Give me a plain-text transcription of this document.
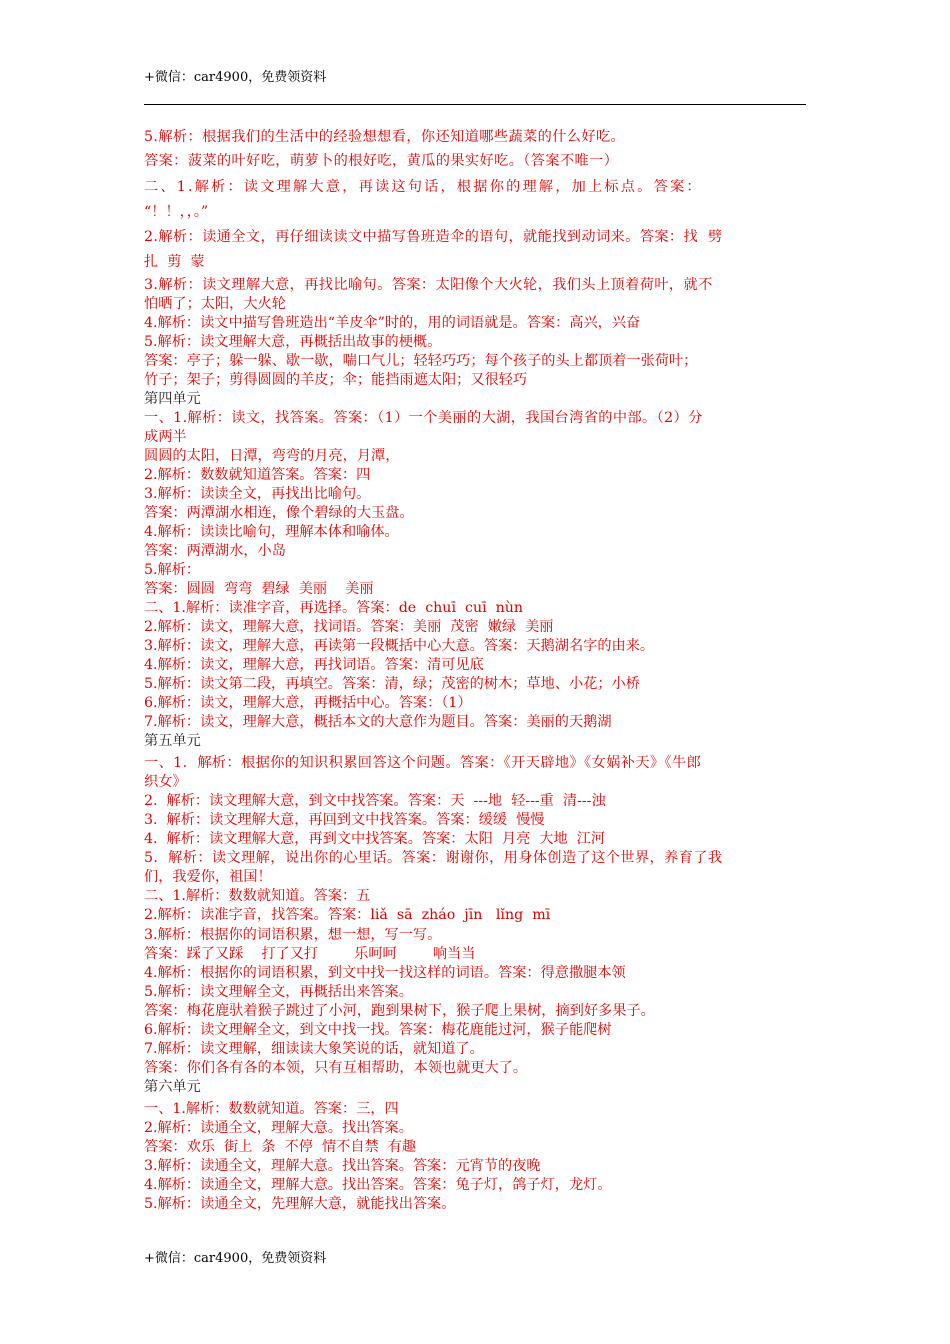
+微信：car4900，免费领资料
5.解析：根据我们的生活中的经验想想看，你还知道哪些蔬菜的什么好吃。
答案：菠菜的叶好吃，萌萝卜的根好吃，黄瓜的果实好吃。（答案不唯一）
二、1.解析：读文理解大意，再读这句话，根据你的理解，加上标点。答案：
“！！，，。”
2.解析：读通全文，再仔细读读文中描写鲁班造伞的语句，就能找到动词来。答案：找  劈
扎  剪  蒙
3.解析：读文理解大意，再找比喻句。答案：太阳像个大火轮，我们头上顶着荷叶，就不
怕晒了；太阳，大火轮
4.解析：读文中描写鲁班造出“羊皮伞”时的，用的词语就是。答案：高兴，兴奋
5.解析：读文理解大意，再概括出故事的梗概。
答案：亭子；躲一躲、歇一歇，喘口气儿；轻轻巧巧；每个孩子的头上都顶着一张荷叶；
竹子；架子；剪得圆圆的羊皮；伞；能挡雨遮太阳；又很轻巧
第四单元
一、1.解析：读文，找答案。答案：（1）一个美丽的大湖，我国台湾省的中部。（2）分
成两半
圆圆的太阳，日潭，弯弯的月亮，月潭，
2.解析：数数就知道答案。答案：四
3.解析：读读全文，再找出比喻句。
答案：两潭湖水相连，像个碧绿的大玉盘。
4.解析：读读比喻句，理解本体和喻体。
答案：两潭湖水，小岛
5.解析：
答案：圆圆  弯弯  碧绿  美丽    美丽
二、1.解析：读准字音，再选择。答案：de  chuī  cuī  nùn
2.解析：读文，理解大意，找词语。答案：美丽  茂密  嫩绿  美丽
3.解析：读文，理解大意，再读第一段概括中心大意。答案：天鹅湖名字的由来。
4.解析：读文，理解大意，再找词语。答案：清可见底
5.解析：读文第二段，再填空。答案：清，绿；茂密的树木；草地、小花；小桥
6.解析：读文，理解大意，再概括中心。答案：（1）
7.解析：读文，理解大意，概括本文的大意作为题目。答案：美丽的天鹅湖
第五单元
一、1.  解析：根据你的知识积累回答这个问题。答案：《开天辟地》《女娲补天》《牛郎
织女》
2.  解析：读文理解大意，到文中找答案。答案：天  ---地  轻---重  清---浊
3.  解析：读文理解大意，再回到文中找答案。答案：缓缓  慢慢
4.  解析：读文理解大意，再到文中找答案。答案：太阳  月亮  大地  江河
5.  解析：读文理解，说出你的心里话。答案：谢谢你，用身体创造了这个世界，养育了我
们，我爱你，祖国！
二、1.解析：数数就知道。答案：五
2.解析：读准字音，找答案。答案：liǎ  sā  zháo  jīn   lǐng  mī
3.解析：根据你的词语积累，想一想，写一写。
答案：踩了又踩    打了又打        乐呵呵        响当当
4.解析：根据你的词语积累，到文中找一找这样的词语。答案：得意撒腿本领
5.解析：读文理解全文，再概括出来答案。
答案：梅花鹿驮着猴子跳过了小河，跑到果树下，猴子爬上果树，摘到好多果子。
6.解析：读文理解全文，到文中找一找。答案：梅花鹿能过河，猴子能爬树
7.解析：读文理解，细读读大象笑说的话，就知道了。
答案：你们各有各的本领，只有互相帮助，本领也就更大了。
第六单元
一、1.解析：数数就知道。答案：三，四
2.解析：读通全文，理解大意。找出答案。
答案：欢乐  街上  条  不停  情不自禁  有趣
3.解析：读通全文，理解大意。找出答案。答案：元宵节的夜晚
4.解析：读通全文，理解大意。找出答案。答案：兔子灯，鸽子灯，龙灯。
5.解析：读通全文，先理解大意，就能找出答案。
+微信：car4900，免费领资料
